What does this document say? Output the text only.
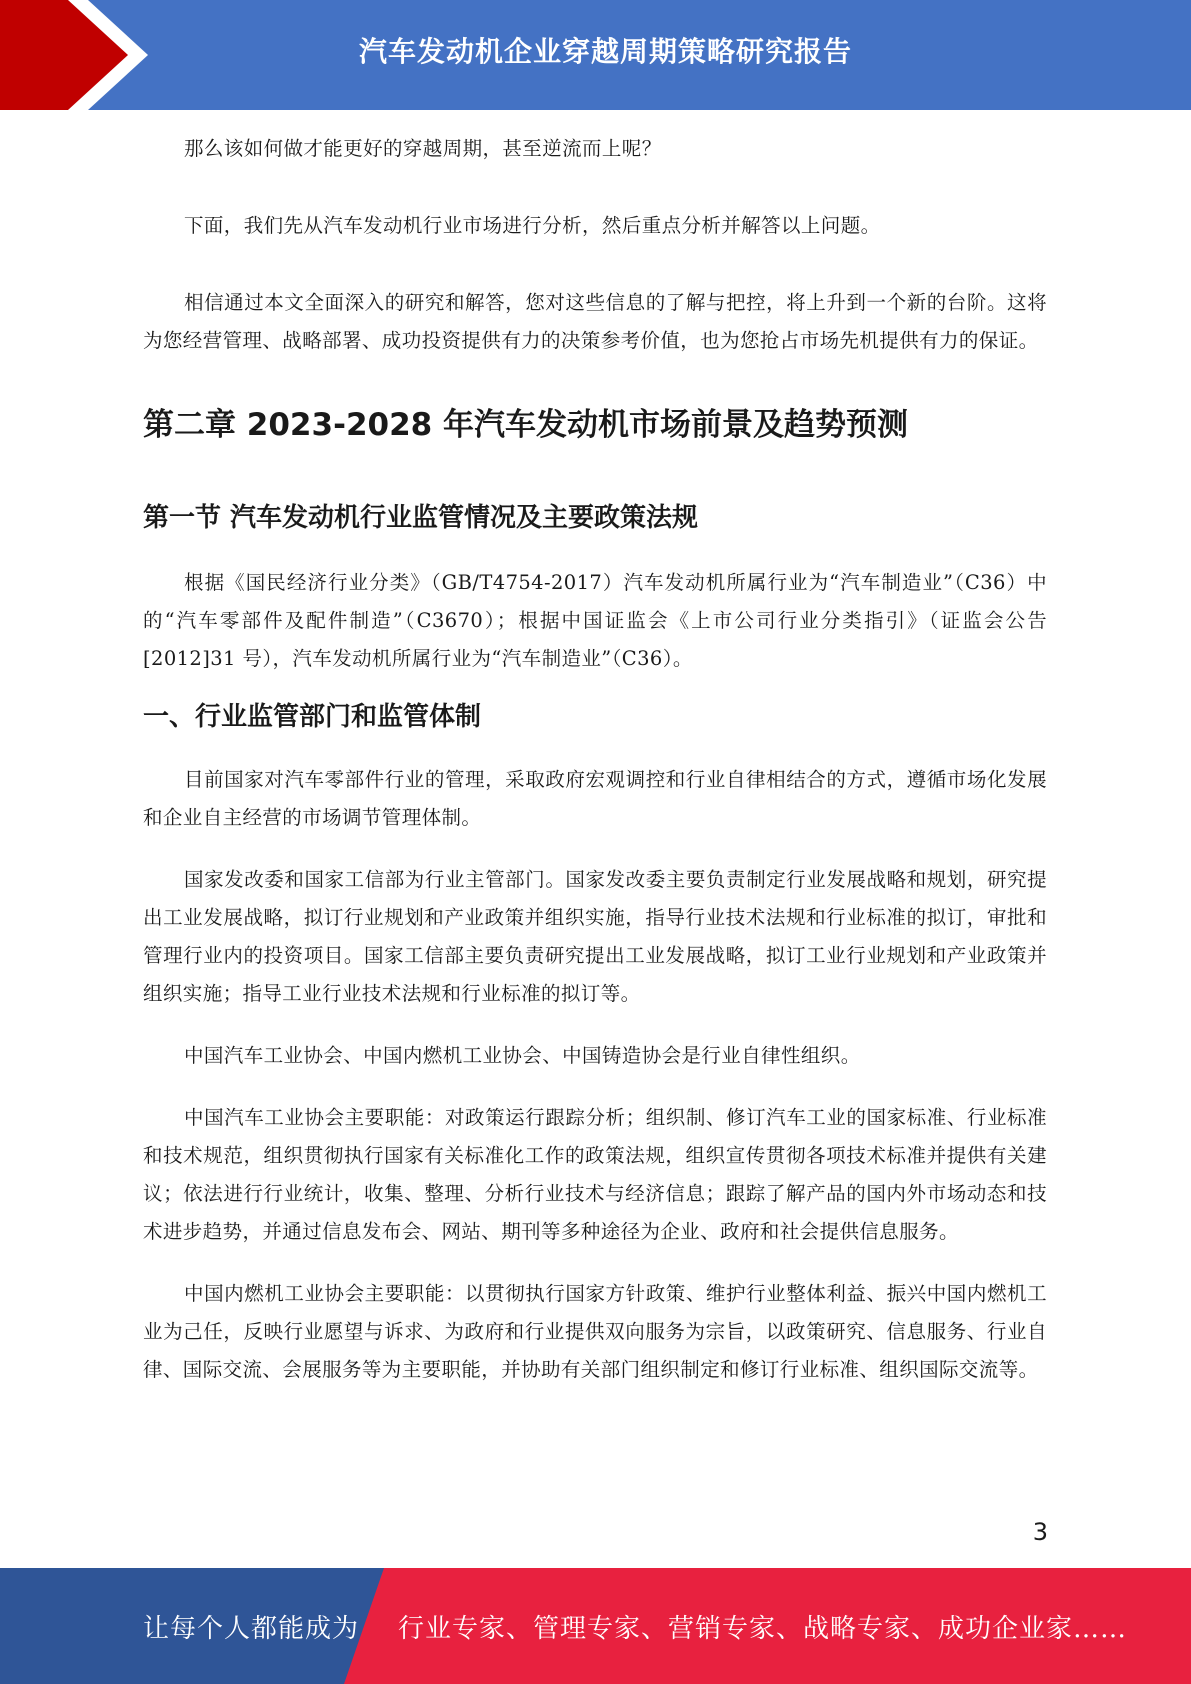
汽车发动机企业穿越周期策略研究报告

那么该如何做才能更好的穿越周期，甚至逆流而上呢？

下面，我们先从汽车发动机行业市场进行分析，然后重点分析并解答以上问题。

相信通过本文全面深入的研究和解答，您对这些信息的了解与把控，将上升到一个新的台阶。这将为您经营管理、战略部署、成功投资提供有力的决策参考价值，也为您抢占市场先机提供有力的保证。

第二章 2023-2028 年汽车发动机市场前景及趋势预测
第一节 汽车发动机行业监管情况及主要政策法规

根据《国民经济行业分类》（GB/T4754-2017）汽车发动机所属行业为“汽车制造业”（C36）中的“汽车零部件及配件制造”（C3670）；根据中国证监会《上市公司行业分类指引》（证监会公告[2012]31 号），汽车发动机所属行业为“汽车制造业”（C36）。

一、行业监管部门和监管体制

目前国家对汽车零部件行业的管理，采取政府宏观调控和行业自律相结合的方式，遵循市场化发展和企业自主经营的市场调节管理体制。

国家发改委和国家工信部为行业主管部门。国家发改委主要负责制定行业发展战略和规划，研究提出工业发展战略，拟订行业规划和产业政策并组织实施，指导行业技术法规和行业标准的拟订，审批和管理行业内的投资项目。国家工信部主要负责研究提出工业发展战略，拟订工业行业规划和产业政策并组织实施；指导工业行业技术法规和行业标准的拟订等。

中国汽车工业协会、中国内燃机工业协会、中国铸造协会是行业自律性组织。

中国汽车工业协会主要职能：对政策运行跟踪分析；组织制、修订汽车工业的国家标准、行业标准和技术规范，组织贯彻执行国家有关标准化工作的政策法规，组织宣传贯彻各项技术标准并提供有关建议；依法进行行业统计，收集、整理、分析行业技术与经济信息；跟踪了解产品的国内外市场动态和技术进步趋势，并通过信息发布会、网站、期刊等多种途径为企业、政府和社会提供信息服务。

中国内燃机工业协会主要职能：以贯彻执行国家方针政策、维护行业整体利益、振兴中国内燃机工业为己任，反映行业愿望与诉求、为政府和行业提供双向服务为宗旨，以政策研究、信息服务、行业自律、国际交流、会展服务等为主要职能，并协助有关部门组织制定和修订行业标准、组织国际交流等。

3
让每个人都能成为 行业专家、管理专家、营销专家、战略专家、成功企业家……
